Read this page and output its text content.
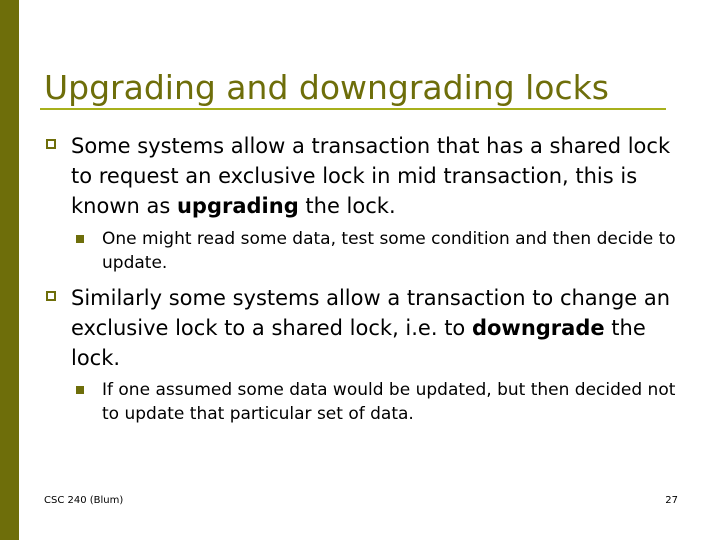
Upgrading and downgrading locks
Some systems allow a transaction that has a shared lock to request an exclusive lock in mid transaction, this is known as upgrading the lock.
One might read some data, test some condition and then decide to update.
Similarly some systems allow a transaction to change an exclusive lock to a shared lock, i.e. to downgrade the lock.
If one assumed some data would be updated, but then decided not to update that particular set of data.
CSC 240 (Blum)	27
